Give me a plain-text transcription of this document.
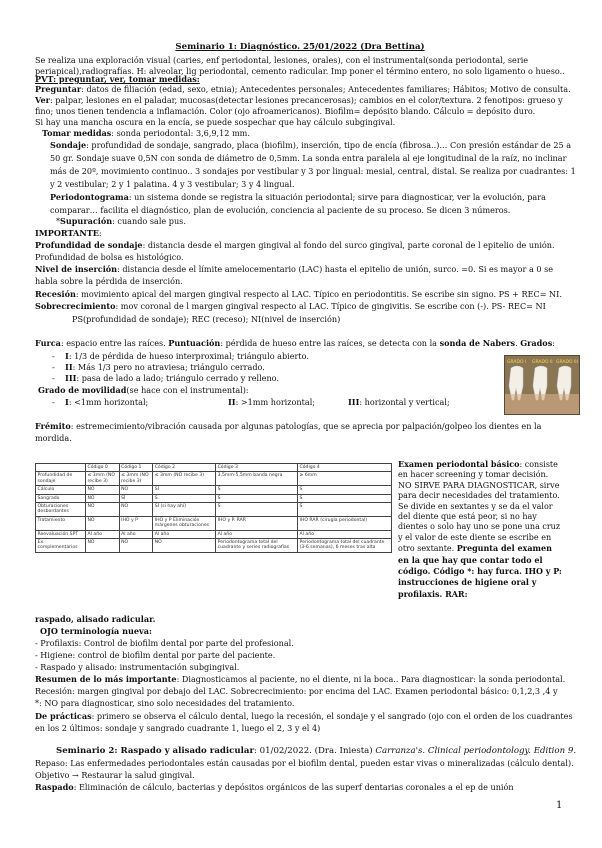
Seminario 1: Diagnóstico. 25/01/2022 (Dra Bettina)
Se realiza una exploración visual (caries, enf periodontal, lesiones, orales), con el instrumental(sonda periodontal, serie
periapical),radiografías. H: alveolar, lig periodontal, cemento radicular. Imp poner el término entero, no solo ligamento o hueso..
PVT: preguntar, ver, tomar medidas:
Preguntar: datos de filiación (edad, sexo, etnia); Antecedentes personales; Antecedentes familiares; Hábitos; Motivo de consulta.
Ver: palpar, lesiones en el paladar, mucosas(detectar lesiones precancerosas); cambios en el color/textura. 2 fenotipos: grueso y
fino; unos tienen tendencia a inflamación. Color (ojo afroamericanos). Biofilm= depósito blando. Cálculo = depósito duro.
Si hay una mancha oscura en la encía, se puede sospechar que hay cálculo subgingival.
Tomar medidas: sonda periodontal: 3,6,9,12 mm.
Sondaje: profundidad de sondaje, sangrado, placa (biofilm), inserción, tipo de encía (fibrosa..)… Con presión estándar de 25 a
50 gr. Sondaje suave 0,5N con sonda de diámetro de 0,5mm. La sonda entra paralela al eje longitudinal de la raíz, no inclinar
más de 20º, movimiento continuo.. 3 sondajes por vestibular y 3 por lingual: mesial, central, distal. Se realiza por cuadrantes: 1
y 2 vestibular; 2 y 1 palatina. 4 y 3 vestibular; 3 y 4 lingual.
Periodontograma: un sistema donde se registra la situación periodontal; sirve para diagnosticar, ver la evolución, para
comparar… facilita el diagnóstico, plan de evolución, conciencia al paciente de su proceso. Se dicen 3 números.
*Supuración: cuando sale pus.
IMPORTANTE:
Profundidad de sondaje: distancia desde el margen gingival al fondo del surco gingival, parte coronal de l epitelio de unión.
Profundidad de bolsa es histológico.
Nivel de inserción: distancia desde el límite amelocementario (LAC) hasta el epitelio de unión, surco. =0. Si es mayor a 0 se
habla sobre la pérdida de inserción.
Recesión: movimiento apical del margen gingival respecto al LAC. Típico en periodontitis. Se escribe sin signo. PS + REC= NI.
Sobrecrecimiento: mov coronal de l margen gingival respecto al LAC. Típico de gingivitis. Se escribe con (-). PS- REC= NI
PS(profundidad de sondaje); REC (receso); NI(nivel de inserción)
Furca: espacio entre las raíces. Puntuación: pérdida de hueso entre las raíces, se detecta con la sonda de Nabers. Grados:
-    I: 1/3 de pérdida de hueso interproximal; triángulo abierto.
-    II: Más 1/3 pero no atraviesa; triángulo cerrado.
-    III: pasa de lado a lado; triángulo cerrado y relleno.
Grado de movilidad(se hace con el instrumental):
-    I: <1mm horizontal;	II: >1mm horizontal;	III: horizontal y vertical;
GRADO I GRADO II GRADO III
Frémito: estremecimiento/vibración causada por algunas patologías, que se aprecia por palpación/golpeo los dientes en la
mordida.
	Código 0	Código 1	Código 2	Código 3	Código 4
Profundidad de sondaje	≤ 3mm (NO recibe 3)	≤ 3mm (NO recibe 3)	≤ 3mm (NO recibe 3)	3,5mm-5,5mm banda negra	≥ 6mm
Cálculo	NO	NO	SÍ	S	S
Sangrado	NO	SÍ	S	S	S
Obturaciones desbordantes	NO	NO	SÍ (si hay ahí)	S	S
Tratamiento	NO	IHO y P	IHO y P Eliminación márgenes obturaciones	IHO y P. RAR	IHO RAR (cirugía periodontal)
Reevaluación SPT	Al año	Al año	Al año	Al año	Al año
Ex. complementarios	NO	NO	NO	Periodontograma total del cuadrante y series radiografías	Periodontograma total del cuadrante (3-6 semanas), 6 meses tras alta
Examen periodontal básico: consiste en hacer screening y tomar decisión. NO SIRVE PARA DIAGNOSTICAR, sirve para decir necesidades del tratamiento. Se divide en sextantes y se da el valor del diente que está peor, si no hay dientes o solo hay uno se pone una cruz y el valor de este diente se escribe en otro sextante. Pregunta del examen en la que hay que contar todo el código. Código *: hay furca. IHO y P: instrucciones de higiene oral y profilaxis. RAR:
raspado, alisado radicular.
OJO terminología nueva:
- Profilaxis: Control de biofilm dental por parte del profesional.
- Higiene: control de biofilm dental por parte del paciente.
- Raspado y alisado: instrumentación subgingival.
Resumen de lo más importante: Diagnosticamos al paciente, no el diente, ni la boca.. Para diagnosticar: la sonda periodontal.
Recesión: margen gingival por debajo del LAC. Sobrecrecimiento: por encima del LAC. Examen periodontal básico: 0,1,2,3 ,4 y
*: NO para diagnosticar, sino solo necesidades del tratamiento.
De prácticas: primero se observa el cálculo dental, luego la recesión, el sondaje y el sangrado (ojo con el orden de los cuadrantes
en los 2 últimos: sondaje y sangrado cuadrante 1, luego el 2, 3 y el 4)
Seminario 2: Raspado y alisado radicular: 01/02/2022. (Dra. Iniesta) Carranza's. Clinical periodontology. Edition 9.
Repaso: Las enfermedades periodontales están causadas por el biofilm dental, pueden estar vivas o mineralizadas (cálculo dental).
Objetivo → Restaurar la salud gingival.
Raspado: Eliminación de cálculo, bacterias y depósitos orgánicos de las superf dentarias coronales a el ep de unión
1
